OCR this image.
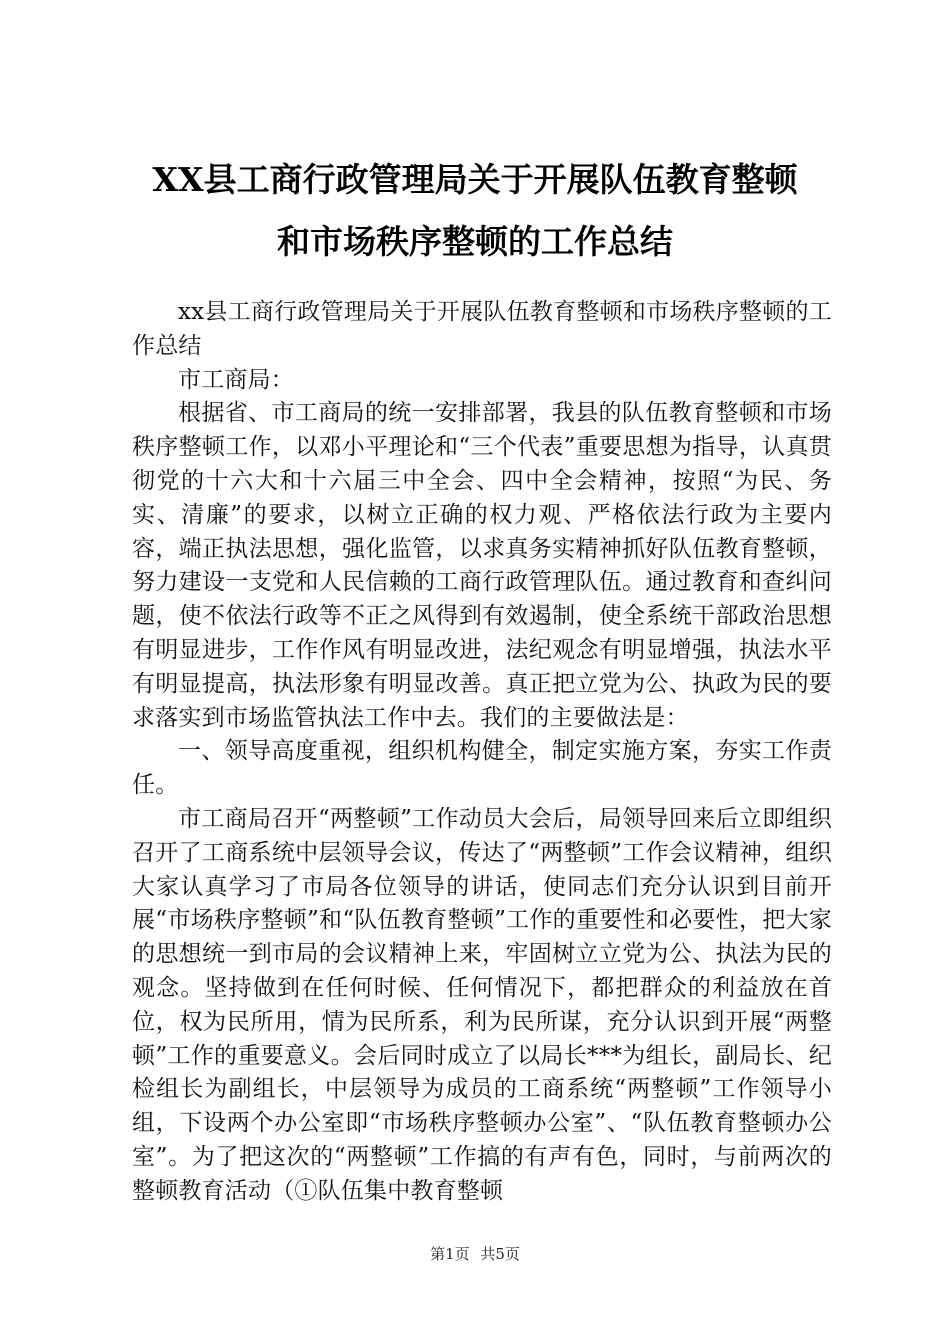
XX县工商行政管理局关于开展队伍教育整顿
和市场秩序整顿的工作总结

xx县工商行政管理局关于开展队伍教育整顿和市场秩序整顿的工作总结

市工商局：

根据省、市工商局的统一安排部署，我县的队伍教育整顿和市场秩序整顿工作，以邓小平理论和“三个代表”重要思想为指导，认真贯彻党的十六大和十六届三中全会、四中全会精神，按照“为民、务实、清廉”的要求，以树立正确的权力观、严格依法行政为主要内容，端正执法思想，强化监管，以求真务实精神抓好队伍教育整顿，努力建设一支党和人民信赖的工商行政管理队伍。通过教育和查纠问题，使不依法行政等不正之风得到有效遏制，使全系统干部政治思想有明显进步，工作作风有明显改进，法纪观念有明显增强，执法水平有明显提高，执法形象有明显改善。真正把立党为公、执政为民的要求落实到市场监管执法工作中去。我们的主要做法是：

一、领导高度重视，组织机构健全，制定实施方案，夯实工作责任。

市工商局召开“两整顿”工作动员大会后，局领导回来后立即组织召开了工商系统中层领导会议，传达了“两整顿”工作会议精神，组织大家认真学习了市局各位领导的讲话，使同志们充分认识到目前开展“市场秩序整顿”和“队伍教育整顿”工作的重要性和必要性，把大家的思想统一到市局的会议精神上来，牢固树立立党为公、执法为民的观念。坚持做到在任何时候、任何情况下，都把群众的利益放在首位，权为民所用，情为民所系，利为民所谋，充分认识到开展“两整顿”工作的重要意义。会后同时成立了以局长***为组长，副局长、纪检组长为副组长，中层领导为成员的工商系统“两整顿”工作领导小组，下设两个办公室即“市场秩序整顿办公室”、“队伍教育整顿办公室”。为了把这次的“两整顿”工作搞的有声有色，同时，与前两次的整顿教育活动（①队伍集中教育整顿

第1页 共5页
